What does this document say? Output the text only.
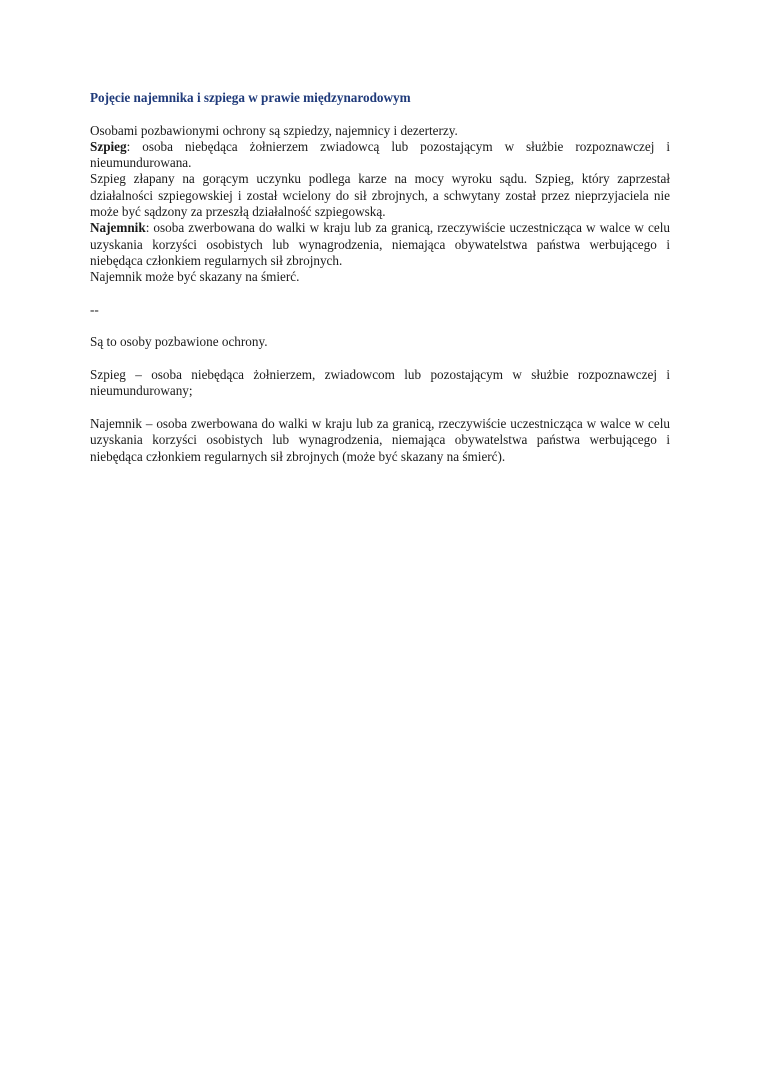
Pojęcie najemnika i szpiega w prawie międzynarodowym

Osobami pozbawionymi ochrony są szpiedzy, najemnicy i dezerterzy.

Szpieg: osoba niebędąca żołnierzem zwiadowcą lub pozostającym w służbie rozpoznawczej i nieumundurowana.

Szpieg złapany na gorącym uczynku podlega karze na mocy wyroku sądu. Szpieg, który zaprzestał działalności szpiegowskiej i został wcielony do sił zbrojnych, a schwytany został przez nieprzyjaciela nie może być sądzony za przeszłą działalność szpiegowską.

Najemnik: osoba zwerbowana do walki w kraju lub za granicą, rzeczywiście uczestnicząca w walce w celu uzyskania korzyści osobistych lub wynagrodzenia, niemająca obywatelstwa państwa werbującego i niebędąca członkiem regularnych sił zbrojnych.

Najemnik może być skazany na śmierć.

--

Są to osoby pozbawione ochrony.

Szpieg – osoba niebędąca żołnierzem, zwiadowcom lub pozostającym w służbie rozpoznawczej i nieumundurowany;

Najemnik – osoba zwerbowana do walki w kraju lub za granicą, rzeczywiście uczestnicząca w walce w celu uzyskania korzyści osobistych lub wynagrodzenia, niemająca obywatelstwa państwa werbującego i niebędąca członkiem regularnych sił zbrojnych (może być skazany na śmierć).
